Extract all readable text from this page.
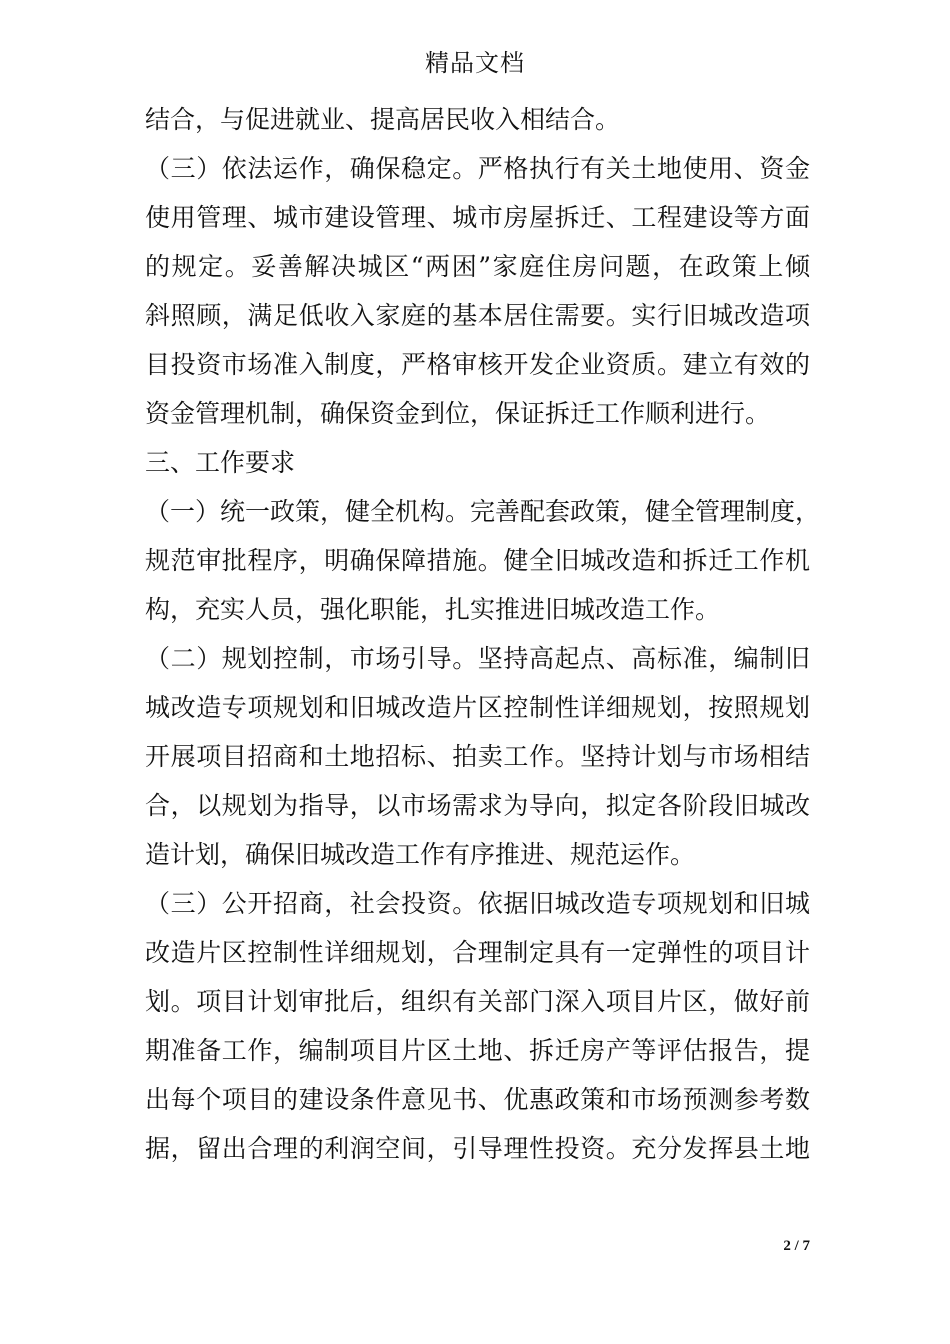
精品文档
结合，与促进就业、提高居民收入相结合。
（三）依法运作，确保稳定。严格执行有关土地使用、资金
使用管理、城市建设管理、城市房屋拆迁、工程建设等方面
的规定。妥善解决城区“两困”家庭住房问题，在政策上倾
斜照顾，满足低收入家庭的基本居住需要。实行旧城改造项
目投资市场准入制度，严格审核开发企业资质。建立有效的
资金管理机制，确保资金到位，保证拆迁工作顺利进行。
三、工作要求
（一）统一政策，健全机构。完善配套政策，健全管理制度，
规范审批程序，明确保障措施。健全旧城改造和拆迁工作机
构，充实人员，强化职能，扎实推进旧城改造工作。
（二）规划控制，市场引导。坚持高起点、高标准，编制旧
城改造专项规划和旧城改造片区控制性详细规划，按照规划
开展项目招商和土地招标、拍卖工作。坚持计划与市场相结
合，以规划为指导，以市场需求为导向，拟定各阶段旧城改
造计划，确保旧城改造工作有序推进、规范运作。
（三）公开招商，社会投资。依据旧城改造专项规划和旧城
改造片区控制性详细规划，合理制定具有一定弹性的项目计
划。项目计划审批后，组织有关部门深入项目片区，做好前
期准备工作，编制项目片区土地、拆迁房产等评估报告，提
出每个项目的建设条件意见书、优惠政策和市场预测参考数
据，留出合理的利润空间，引导理性投资。充分发挥县土地
2 / 7
